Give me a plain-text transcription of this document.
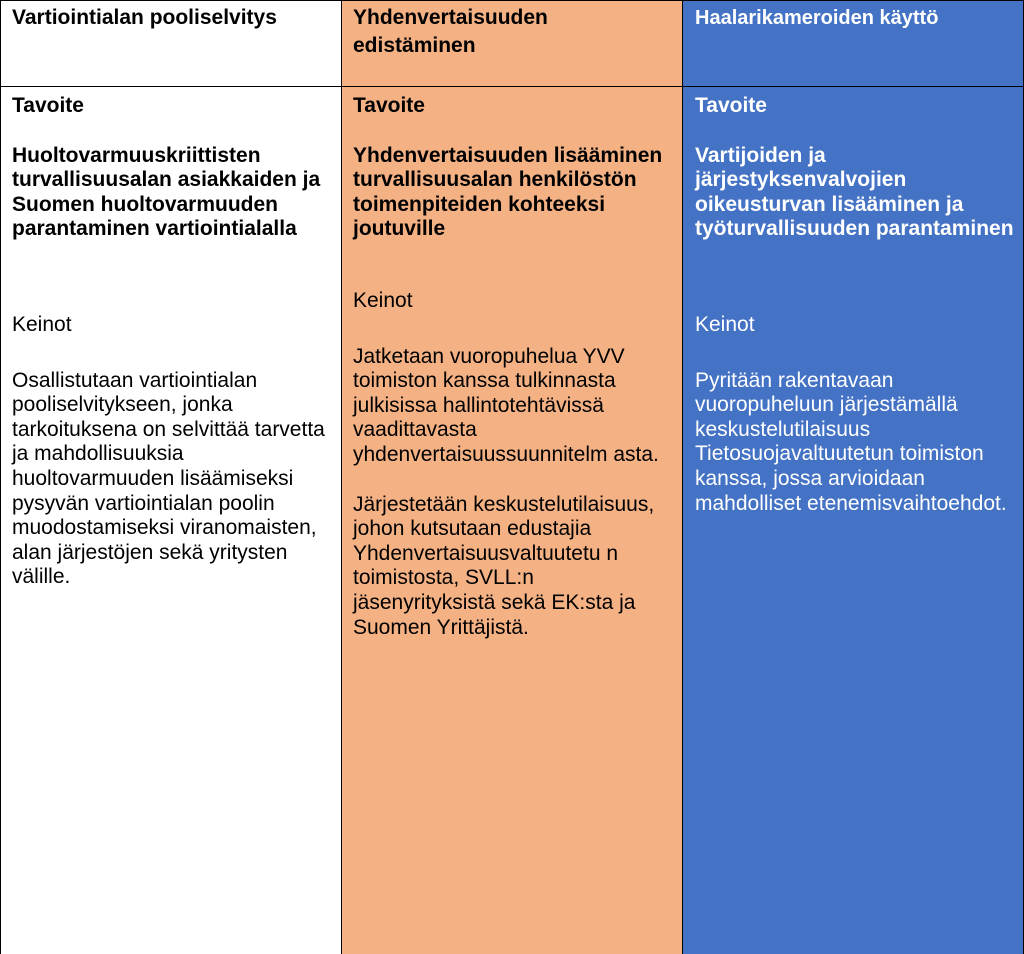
Vartiointialan pooliselvitys

Tavoite

Huoltovarmuuskriittisten turvallisuusalan asiakkaiden ja Suomen huoltovarmuuden parantaminen vartiointialalla

Keinot

Osallistutaan vartiointialan pooliselvitykseen, jonka tarkoituksena on selvittää tarvetta ja mahdollisuuksia huoltovarmuuden lisäämiseksi pysyvän vartiointialan poolin muodostamiseksi viranomaisten, alan järjestöjen sekä yritysten välille.

Yhdenvertaisuuden edistäminen

Tavoite

Yhdenvertaisuuden lisääminen turvallisuusalan henkilöstön toimenpiteiden kohteeksi joutuville

Keinot

Jatketaan vuoropuhelua YVV toimiston kanssa tulkinnasta julkisissa hallintotehtävissä vaadittavasta yhdenvertaisuussuunnitelm asta.

Järjestetään keskustelutilaisuus, johon kutsutaan edustajia Yhdenvertaisuusvaltuutetu n toimistosta, SVLL:n jäsenyrityksistä sekä EK:sta ja Suomen Yrittäjistä.

Haalarikameroiden käyttö

Tavoite

Vartijoiden ja järjestyksenvalvojien oikeusturvan lisääminen ja työturvallisuuden parantaminen

Keinot

Pyritään rakentavaan vuoropuheluun järjestämällä keskustelutilaisuus Tietosuojavaltuutetun toimiston kanssa, jossa arvioidaan mahdolliset etenemisvaihtoehdot.
